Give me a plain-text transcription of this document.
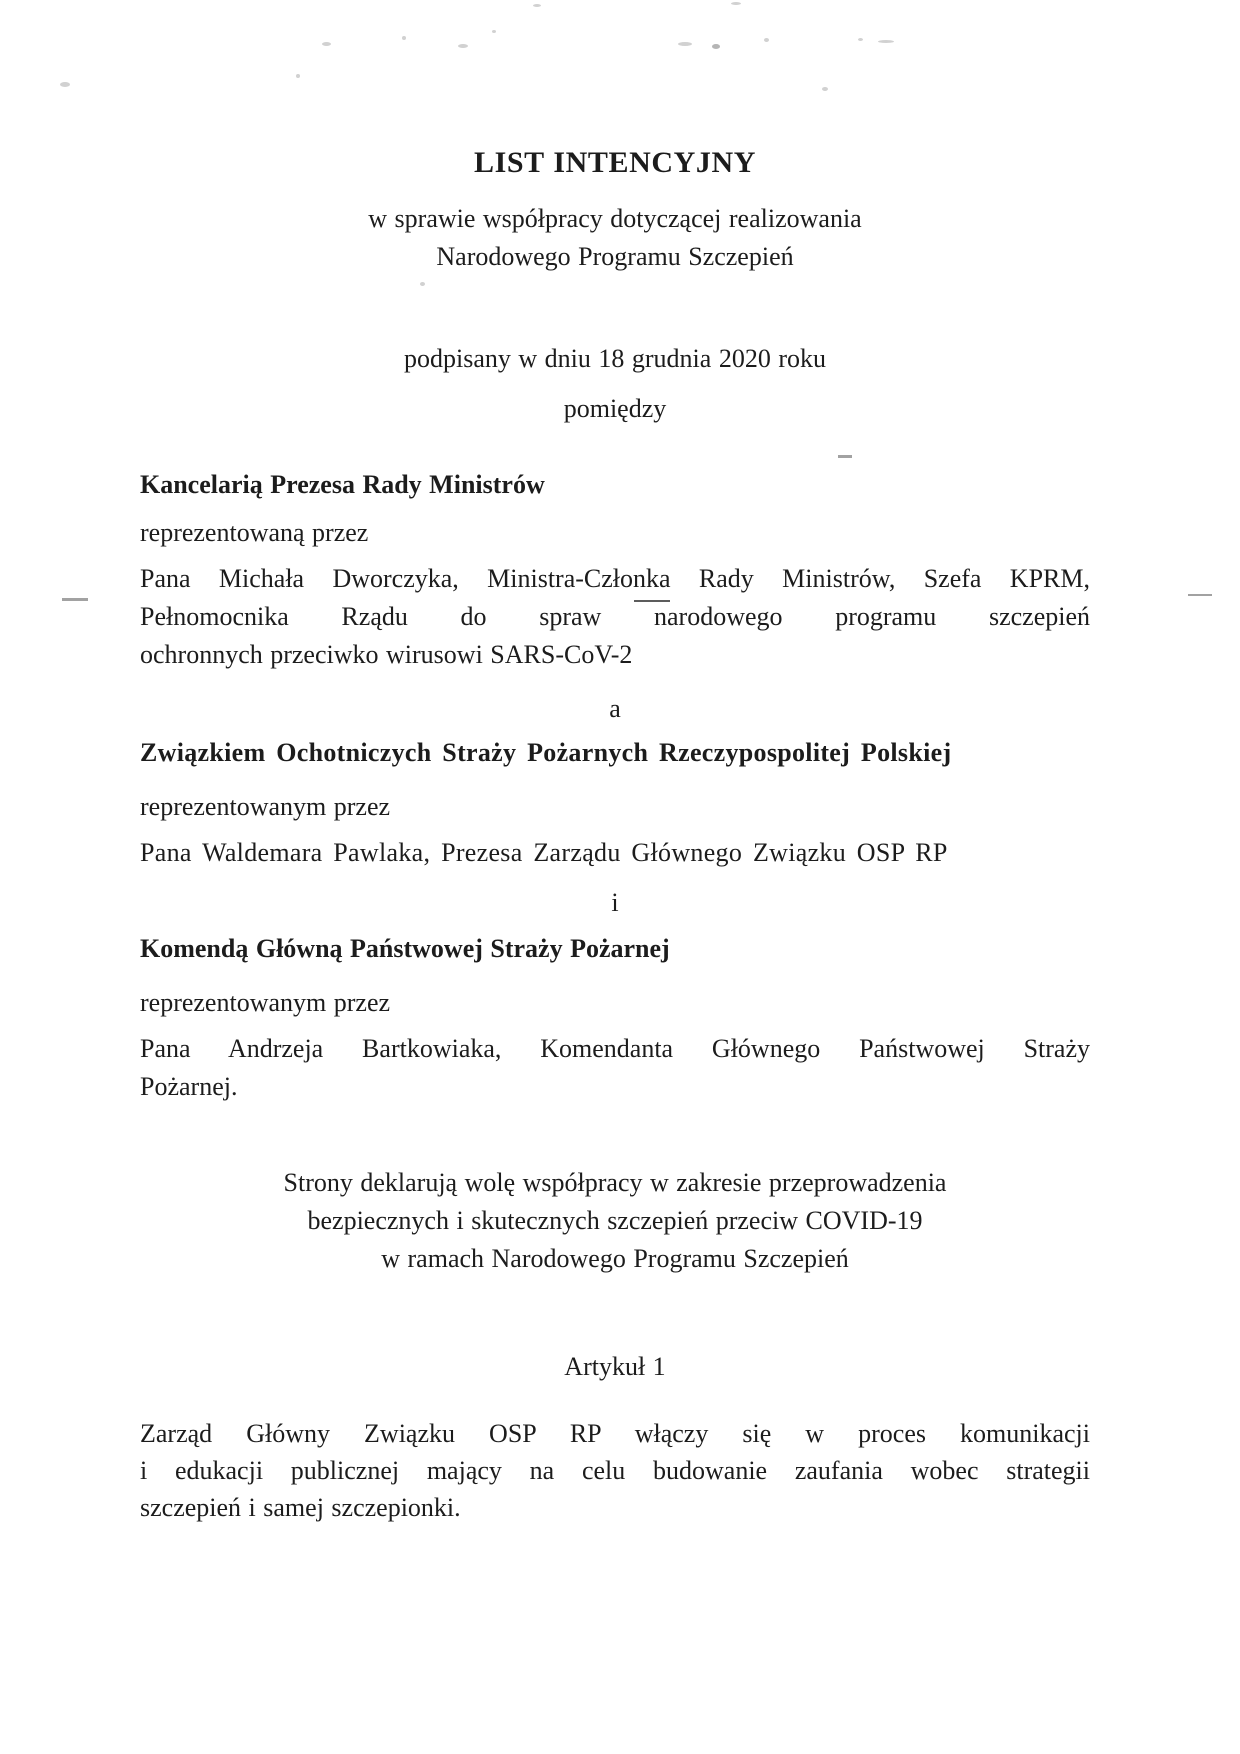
LIST INTENCYJNY
w sprawie współpracy dotyczącej realizowania
Narodowego Programu Szczepień
podpisany w dniu 18 grudnia 2020 roku
pomiędzy
Kancelarią Prezesa Rady Ministrów
reprezentowaną przez
Pana Michała Dworczyka, Ministra-Członka Rady Ministrów, Szefa KPRM,
Pełnomocnika Rządu do spraw narodowego programu szczepień
ochronnych przeciwko wirusowi SARS-CoV-2
a
Związkiem Ochotniczych Straży Pożarnych Rzeczypospolitej Polskiej
reprezentowanym przez
Pana Waldemara Pawlaka, Prezesa Zarządu Głównego Związku OSP RP
i
Komendą Główną Państwowej Straży Pożarnej
reprezentowanym przez
Pana Andrzeja Bartkowiaka, Komendanta Głównego Państwowej Straży
Pożarnej.
Strony deklarują wolę współpracy w zakresie przeprowadzenia
bezpiecznych i skutecznych szczepień przeciw COVID-19
w ramach Narodowego Programu Szczepień
Artykuł 1
Zarząd Główny Związku OSP RP włączy się w proces komunikacji
i edukacji publicznej mający na celu budowanie zaufania wobec strategii
szczepień i samej szczepionki.
